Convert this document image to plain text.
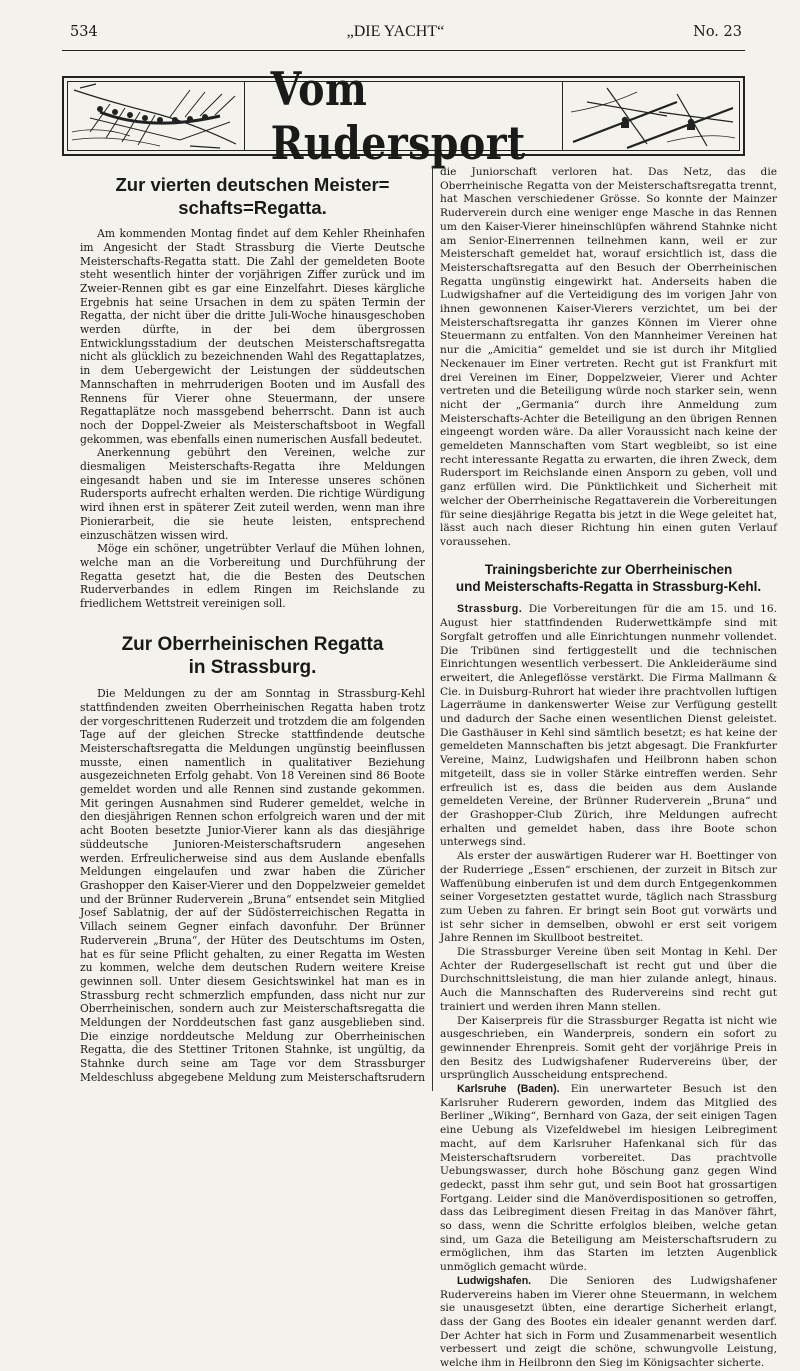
534	„DIE YACHT“	No. 23
Vom Rudersport
Zur vierten deutschen Meister=
schafts=Regatta.

Am kommenden Montag findet auf dem Kehler Rheinhafen im Angesicht der Stadt Strassburg die Vierte Deutsche Meisterschafts-Regatta statt. Die Zahl der gemeldeten Boote steht wesentlich hinter der vorjährigen Ziffer zurück und im Zweier-Rennen gibt es gar eine Einzelfahrt. Dieses kärgliche Ergebnis hat seine Ursachen in dem zu späten Termin der Regatta, der nicht über die dritte Juli-Woche hinausgeschoben werden dürfte, in der bei dem übergrossen Entwicklungsstadium der deutschen Meisterschaftsregatta nicht als glücklich zu bezeichnenden Wahl des Regattaplatzes, in dem Uebergewicht der Leistungen der süddeutschen Mannschaften in mehrruderigen Booten und im Ausfall des Rennens für Vierer ohne Steuermann, der unsere Regattaplätze noch massgebend beherrscht. Dann ist auch noch der Doppel-Zweier als Meisterschaftsboot in Wegfall gekommen, was ebenfalls einen numerischen Ausfall bedeutet.

Anerkennung gebührt den Vereinen, welche zur diesmaligen Meisterschafts-Regatta ihre Meldungen eingesandt haben und sie im Interesse unseres schönen Rudersports aufrecht erhalten werden. Die richtige Würdigung wird ihnen erst in späterer Zeit zuteil werden, wenn man ihre Pionierarbeit, die sie heute leisten, entsprechend einzuschätzen wissen wird.

Möge ein schöner, ungetrübter Verlauf die Mühen lohnen, welche man an die Vorbereitung und Durchführung der Regatta gesetzt hat, die die Besten des Deutschen Ruderverbandes in edlem Ringen im Reichslande zu friedlichem Wettstreit vereinigen soll.

Zur Oberrheinischen Regatta
in Strassburg.

Die Meldungen zu der am Sonntag in Strassburg-Kehl stattfindenden zweiten Oberrheinischen Regatta haben trotz der vorgeschrittenen Ruderzeit und trotzdem die am folgenden Tage auf der gleichen Strecke stattfindende deutsche Meisterschaftsregatta die Meldungen ungünstig beeinflussen musste, einen namentlich in qualitativer Beziehung ausgezeichneten Erfolg gehabt. Von 18 Vereinen sind 86 Boote gemeldet worden und alle Rennen sind zustande gekommen. Mit geringen Ausnahmen sind Ruderer gemeldet, welche in den diesjährigen Rennen schon erfolgreich waren und der mit acht Booten besetzte Junior-Vierer kann als das diesjährige süddeutsche Junioren-Meisterschaftsrudern angesehen werden. Erfreulicherweise sind aus dem Auslande ebenfalls Meldungen eingelaufen und zwar haben die Züricher Grashopper den Kaiser-Vierer und den Doppelzweier gemeldet und der Brünner Ruderverein „Bruna“ entsendet sein Mitglied Josef Sablatnig, der auf der Südösterreichischen Regatta in Villach seinem Gegner einfach davonfuhr. Der Brünner Ruderverein „Bruna“, der Hüter des Deutschtums im Osten, hat es für seine Pflicht gehalten, zu einer Regatta im Westen zu kommen, welche dem deutschen Rudern weitere Kreise gewinnen soll. Unter diesem Gesichtswinkel hat man es in Strassburg recht schmerzlich empfunden, dass nicht nur zur Oberrheinischen, sondern auch zur Meisterschaftsregatta die Meldungen der Norddeutschen fast ganz ausgeblieben sind. Die einzige norddeutsche Meldung zur Oberrheinischen Regatta, die des Stettiner Tritonen Stahnke, ist ungültig, da Stahnke durch seine am Tage vor dem Strassburger Meldeschluss abgegebene Meldung zum Meisterschaftsrudern

die Juniorschaft verloren hat. Das Netz, das die Oberrheinische Regatta von der Meisterschaftsregatta trennt, hat Maschen verschiedener Grösse. So konnte der Mainzer Ruderverein durch eine weniger enge Masche in das Rennen um den Kaiser-Vierer hineinschlüpfen während Stahnke nicht am Senior-Einerrennen teilnehmen kann, weil er zur Meisterschaft gemeldet hat, worauf ersichtlich ist, dass die Meisterschaftsregatta auf den Besuch der Oberrheinischen Regatta ungünstig eingewirkt hat. Anderseits haben die Ludwigshafner auf die Verteidigung des im vorigen Jahr von ihnen gewonnenen Kaiser-Vierers verzichtet, um bei der Meisterschaftsregatta ihr ganzes Können im Vierer ohne Steuermann zu entfalten. Von den Mannheimer Vereinen hat nur die „Amicitia“ gemeldet und sie ist durch ihr Mitglied Neckenauer im Einer vertreten. Recht gut ist Frankfurt mit drei Vereinen im Einer, Doppelzweier, Vierer und Achter vertreten und die Beteiligung würde noch starker sein, wenn nicht der „Germania“ durch ihre Anmeldung zum Meisterschafts-Achter die Beteiligung an den übrigen Rennen eingeengt worden wäre. Da aller Voraussicht nach keine der gemeldeten Mannschaften vom Start wegbleibt, so ist eine recht interessante Regatta zu erwarten, die ihren Zweck, dem Rudersport im Reichslande einen Ansporn zu geben, voll und ganz erfüllen wird. Die Pünktlichkeit und Sicherheit mit welcher der Oberrheinische Regattaverein die Vorbereitungen für seine diesjährige Regatta bis jetzt in die Wege geleitet hat, lässt auch nach dieser Richtung hin einen guten Verlauf voraussehen.

Trainingsberichte zur Oberrheinischen
und Meisterschafts-Regatta in Strassburg-Kehl.

Strassburg. Die Vorbereitungen für die am 15. und 16. August hier stattfindenden Ruderwettkämpfe sind mit Sorgfalt getroffen und alle Einrichtungen nunmehr vollendet. Die Tribünen sind fertiggestellt und die technischen Einrichtungen wesentlich verbessert. Die Ankleideräume sind erweitert, die Anlegeflösse verstärkt. Die Firma Mallmann & Cie. in Duisburg-Ruhrort hat wieder ihre prachtvollen luftigen Lagerräume in dankenswerter Weise zur Verfügung gestellt und dadurch der Sache einen wesentlichen Dienst geleistet. Die Gasthäuser in Kehl sind sämtlich besetzt; es hat keine der gemeldeten Mannschaften bis jetzt abgesagt. Die Frankfurter Vereine, Mainz, Ludwigshafen und Heilbronn haben schon mitgeteilt, dass sie in voller Stärke eintreffen werden. Sehr erfreulich ist es, dass die beiden aus dem Auslande gemeldeten Vereine, der Brünner Ruderverein „Bruna“ und der Grashopper-Club Zürich, ihre Meldungen aufrecht erhalten und gemeldet haben, dass ihre Boote schon unterwegs sind.

Als erster der auswärtigen Ruderer war H. Boettinger von der Ruderriege „Essen“ erschienen, der zurzeit in Bitsch zur Waffenübung einberufen ist und dem durch Entgegenkommen seiner Vorgesetzten gestattet wurde, täglich nach Strassburg zum Ueben zu fahren. Er bringt sein Boot gut vorwärts und ist sehr sicher in demselben, obwohl er erst seit vorigem Jahre Rennen im Skullboot bestreitet.

Die Strassburger Vereine üben seit Montag in Kehl. Der Achter der Rudergesellschaft ist recht gut und über die Durchschnittsleistung, die man hier zulande anlegt, hinaus. Auch die Mannschaften des Rudervereins sind recht gut trainiert und werden ihren Mann stellen.

Der Kaiserpreis für die Strassburger Regatta ist nicht wie ausgeschrieben, ein Wanderpreis, sondern ein sofort zu gewinnender Ehrenpreis. Somit geht der vorjährige Preis in den Besitz des Ludwigshafener Rudervereins über, der ursprünglich Ausscheidung entsprechend.

Karlsruhe (Baden). Ein unerwarteter Besuch ist den Karlsruher Ruderern geworden, indem das Mitglied des Berliner „Wiking“, Bernhard von Gaza, der seit einigen Tagen eine Uebung als Vizefeldwebel im hiesigen Leibregiment macht, auf dem Karlsruher Hafenkanal sich für das Meisterschaftsrudern vorbereitet. Das prachtvolle Uebungswasser, durch hohe Böschung ganz gegen Wind gedeckt, passt ihm sehr gut, und sein Boot hat grossartigen Fortgang. Leider sind die Manöverdispositionen so getroffen, dass das Leibregiment diesen Freitag in das Manöver fährt, so dass, wenn die Schritte erfolglos bleiben, welche getan sind, um Gaza die Beteiligung am Meisterschaftsrudern zu ermöglichen, ihm das Starten im letzten Augenblick unmöglich gemacht würde.

Ludwigshafen. Die Senioren des Ludwigshafener Rudervereins haben im Vierer ohne Steuermann, in welchem sie unausgesetzt übten, eine derartige Sicherheit erlangt, dass der Gang des Bootes ein idealer genannt werden darf. Der Achter hat sich in Form und Zusammenarbeit wesentlich verbessert und zeigt die schöne, schwungvolle Leistung, welche ihm in Heilbronn den Sieg im Königsachter sicherte.
